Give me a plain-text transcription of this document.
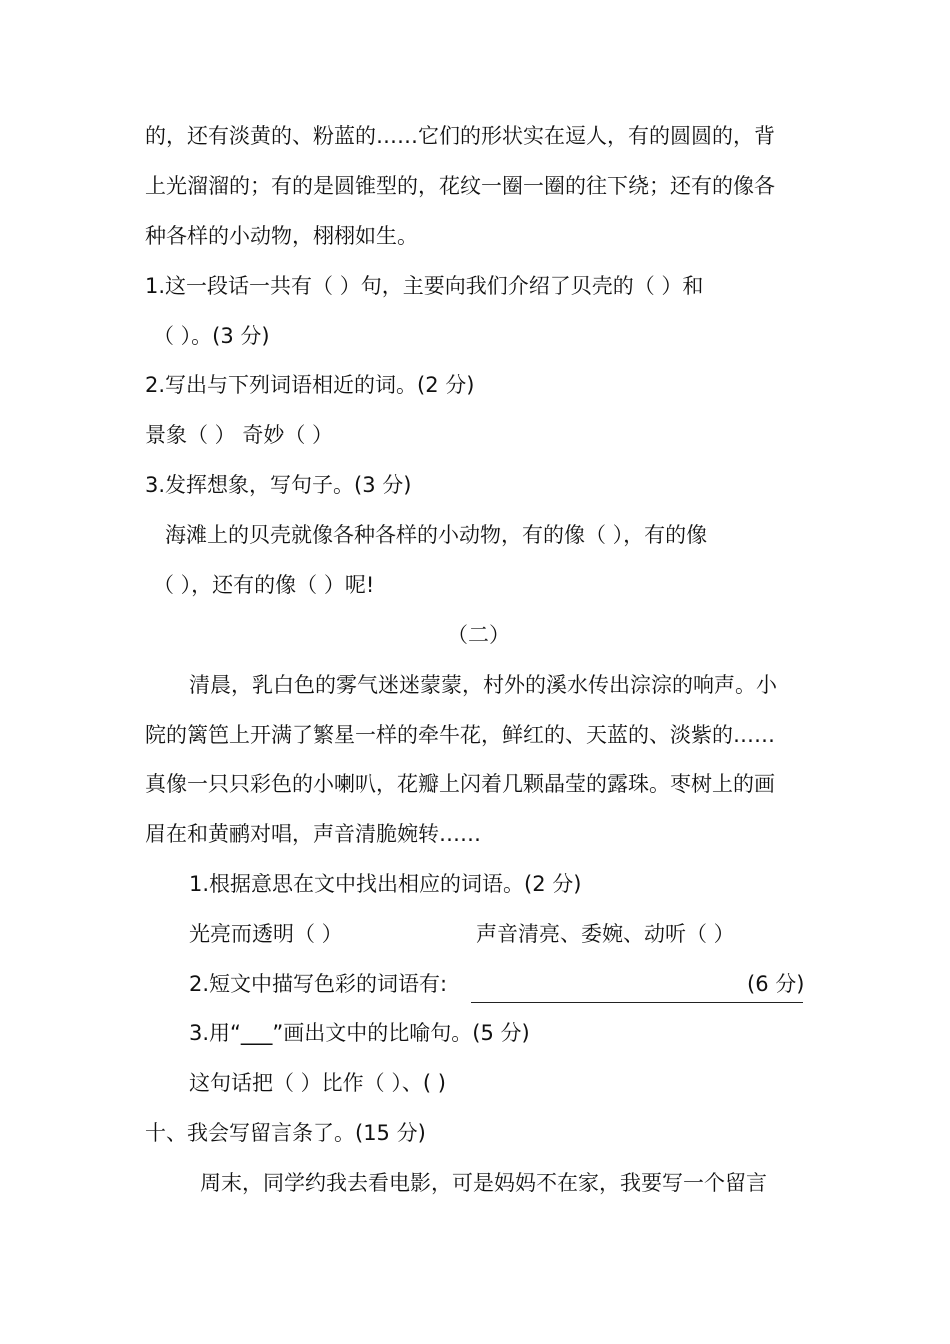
的，还有淡黄的、粉蓝的……它们的形状实在逗人，有的圆圆的，背
上光溜溜的；有的是圆锥型的，花纹一圈一圈的往下绕；还有的像各
种各样的小动物，栩栩如生。
1.这一段话一共有（ ）句，主要向我们介绍了贝壳的（ ）和
（ ）。(3 分)
2.写出与下列词语相近的词。(2 分)
景象（ ） 奇妙（ ）
3.发挥想象，写句子。(3 分)
海滩上的贝壳就像各种各样的小动物，有的像（ ），有的像
（ ），还有的像（ ）呢!
（二）
清晨，乳白色的雾气迷迷蒙蒙，村外的溪水传出淙淙的响声。小
院的篱笆上开满了繁星一样的牵牛花，鲜红的、天蓝的、淡紫的……
真像一只只彩色的小喇叭，花瓣上闪着几颗晶莹的露珠。枣树上的画
眉在和黄鹂对唱，声音清脆婉转……
1.根据意思在文中找出相应的词语。(2 分)
光亮而透明（ ）	声音清亮、委婉、动听（ ）
2.短文中描写色彩的词语有:	(6 分)
3.用“___”画出文中的比喻句。(5 分)
这句话把（ ）比作（ ）、( )
十、我会写留言条了。(15 分)
周末，同学约我去看电影，可是妈妈不在家，我要写一个留言
